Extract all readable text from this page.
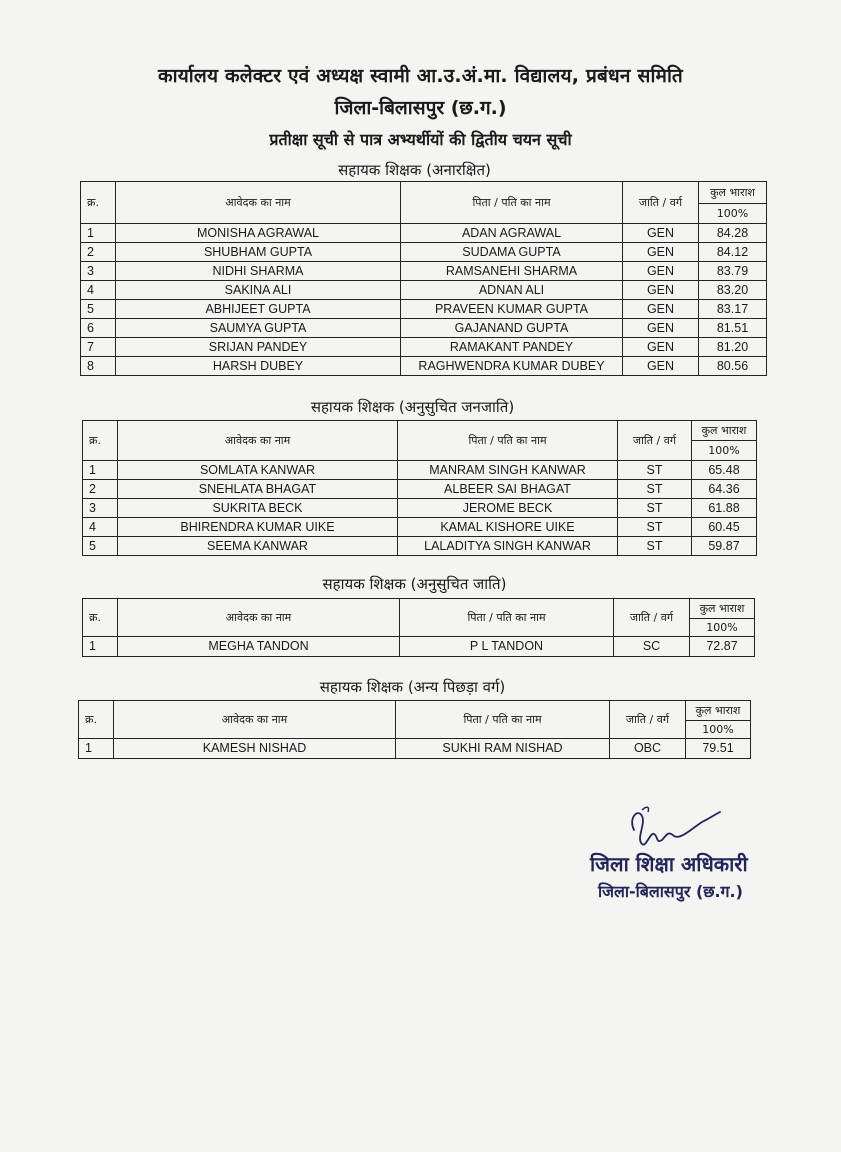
कार्यालय कलेक्टर एवं अध्यक्ष स्वामी आ.उ.अं.मा. विद्यालय, प्रबंधन समिति
जिला-बिलासपुर (छ.ग.)
प्रतीक्षा सूची से पात्र अभ्यर्थीयों की द्वितीय चयन सूची
सहायक शिक्षक (अनारक्षित)
क्र.	आवेदक का नाम	पिता / पति का नाम	जाति / वर्ग	कुल भाराश
				100%
1	MONISHA AGRAWAL	ADAN AGRAWAL	GEN	84.28
2	SHUBHAM GUPTA	SUDAMA GUPTA	GEN	84.12
3	NIDHI SHARMA	RAMSANEHI SHARMA	GEN	83.79
4	SAKINA ALI	ADNAN ALI	GEN	83.20
5	ABHIJEET GUPTA	PRAVEEN KUMAR GUPTA	GEN	83.17
6	SAUMYA GUPTA	GAJANAND GUPTA	GEN	81.51
7	SRIJAN PANDEY	RAMAKANT PANDEY	GEN	81.20
8	HARSH DUBEY	RAGHWENDRA KUMAR DUBEY	GEN	80.56
सहायक शिक्षक (अनुसुचित जनजाति)
क्र.	आवेदक का नाम	पिता / पति का नाम	जाति / वर्ग	कुल भाराश
				100%
1	SOMLATA KANWAR	MANRAM SINGH KANWAR	ST	65.48
2	SNEHLATA BHAGAT	ALBEER SAI BHAGAT	ST	64.36
3	SUKRITA BECK	JEROME BECK	ST	61.88
4	BHIRENDRA KUMAR UIKE	KAMAL KISHORE UIKE	ST	60.45
5	SEEMA KANWAR	LALADITYA SINGH KANWAR	ST	59.87
सहायक शिक्षक (अनुसुचित जाति)
क्र.	आवेदक का नाम	पिता / पति का नाम	जाति / वर्ग	कुल भाराश
				100%
1	MEGHA TANDON	P L TANDON	SC	72.87
सहायक शिक्षक (अन्य पिछड़ा वर्ग)
क्र.	आवेदक का नाम	पिता / पति का नाम	जाति / वर्ग	कुल भाराश
				100%
1	KAMESH NISHAD	SUKHI RAM NISHAD	OBC	79.51
जिला शिक्षा अधिकारी
जिला-बिलासपुर (छ.ग.)
